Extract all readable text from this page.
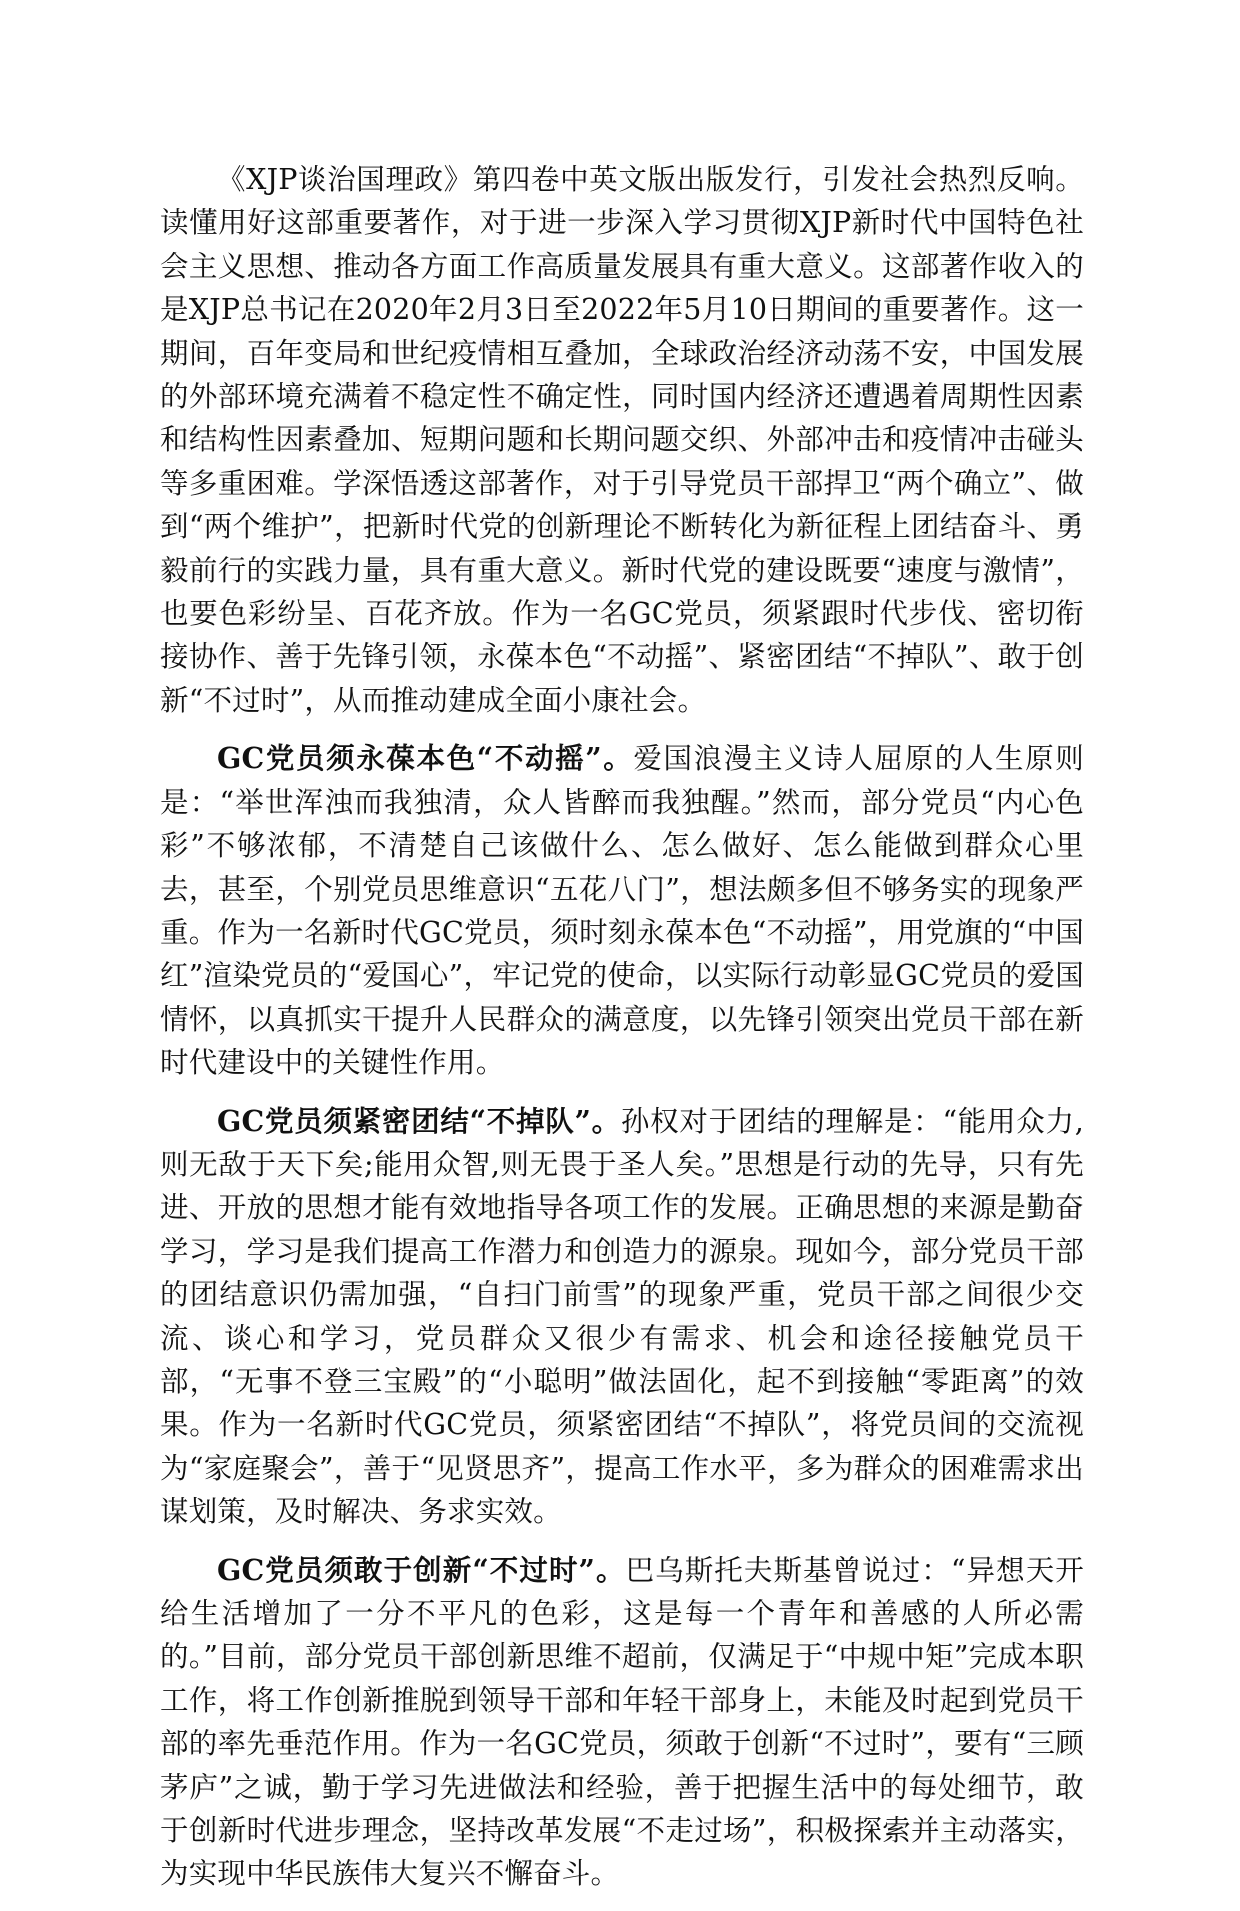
《XJP谈治国理政》第四卷中英文版出版发行，引发社会热烈反响。读懂用好这部重要著作，对于进一步深入学习贯彻XJP新时代中国特色社会主义思想、推动各方面工作高质量发展具有重大意义。这部著作收入的是XJP总书记在2020年2月3日至2022年5月10日期间的重要著作。这一期间，百年变局和世纪疫情相互叠加，全球政治经济动荡不安，中国发展的外部环境充满着不稳定性不确定性，同时国内经济还遭遇着周期性因素和结构性因素叠加、短期问题和长期问题交织、外部冲击和疫情冲击碰头等多重困难。学深悟透这部著作，对于引导党员干部捍卫“两个确立”、做到“两个维护”，把新时代党的创新理论不断转化为新征程上团结奋斗、勇毅前行的实践力量，具有重大意义。新时代党的建设既要“速度与激情”，也要色彩纷呈、百花齐放。作为一名GC党员，须紧跟时代步伐、密切衔接协作、善于先锋引领，永葆本色“不动摇”、紧密团结“不掉队”、敢于创新“不过时”，从而推动建成全面小康社会。

GC党员须永葆本色“不动摇”。爱国浪漫主义诗人屈原的人生原则是：“举世浑浊而我独清，众人皆醉而我独醒。”然而，部分党员“内心色彩”不够浓郁，不清楚自己该做什么、怎么做好、怎么能做到群众心里去，甚至，个别党员思维意识“五花八门”，想法颇多但不够务实的现象严重。作为一名新时代GC党员，须时刻永葆本色“不动摇”，用党旗的“中国红”渲染党员的“爱国心”，牢记党的使命，以实际行动彰显GC党员的爱国情怀，以真抓实干提升人民群众的满意度，以先锋引领突出党员干部在新时代建设中的关键性作用。

GC党员须紧密团结“不掉队”。孙权对于团结的理解是：“能用众力,则无敌于天下矣;能用众智,则无畏于圣人矣。”思想是行动的先导，只有先进、开放的思想才能有效地指导各项工作的发展。正确思想的来源是勤奋学习，学习是我们提高工作潜力和创造力的源泉。现如今，部分党员干部的团结意识仍需加强，“自扫门前雪”的现象严重，党员干部之间很少交流、谈心和学习，党员群众又很少有需求、机会和途径接触党员干部，“无事不登三宝殿”的“小聪明”做法固化，起不到接触“零距离”的效果。作为一名新时代GC党员，须紧密团结“不掉队”，将党员间的交流视为“家庭聚会”，善于“见贤思齐”，提高工作水平，多为群众的困难需求出谋划策，及时解决、务求实效。

GC党员须敢于创新“不过时”。巴乌斯托夫斯基曾说过：“异想天开给生活增加了一分不平凡的色彩，这是每一个青年和善感的人所必需的。”目前，部分党员干部创新思维不超前，仅满足于“中规中矩”完成本职工作，将工作创新推脱到领导干部和年轻干部身上，未能及时起到党员干部的率先垂范作用。作为一名GC党员，须敢于创新“不过时”，要有“三顾茅庐”之诚，勤于学习先进做法和经验，善于把握生活中的每处细节，敢于创新时代进步理念，坚持改革发展“不走过场”，积极探索并主动落实，为实现中华民族伟大复兴不懈奋斗。
